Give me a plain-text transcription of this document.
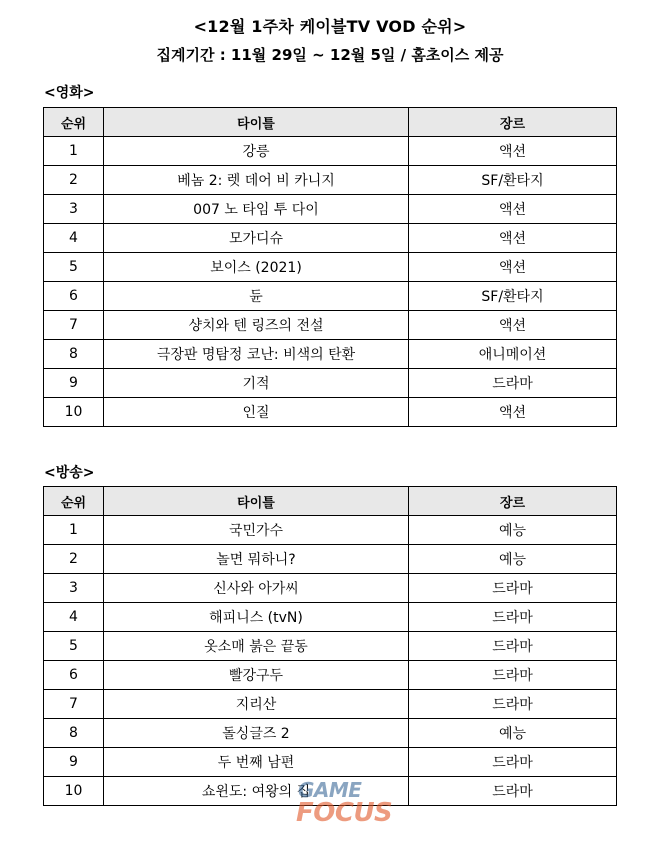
<12월 1주차 케이블TV VOD 순위>
집계기간 : 11월 29일 ~ 12월 5일 / 홈초이스 제공
<영화>
순위	타이틀	장르
1	강릉	액션
2	베놈 2: 렛 데어 비 카니지	SF/환타지
3	007 노 타임 투 다이	액션
4	모가디슈	액션
5	보이스 (2021)	액션
6	듄	SF/환타지
7	샹치와 텐 링즈의 전설	액션
8	극장판 명탐정 코난: 비색의 탄환	애니메이션
9	기적	드라마
10	인질	액션
<방송>
순위	타이틀	장르
1	국민가수	예능
2	놀면 뭐하니?	예능
3	신사와 아가씨	드라마
4	해피니스 (tvN)	드라마
5	옷소매 붉은 끝동	드라마
6	빨강구두	드라마
7	지리산	드라마
8	돌싱글즈 2	예능
9	두 번째 남편	드라마
10	쇼윈도: 여왕의 집	드라마
GAME
FOCUS
